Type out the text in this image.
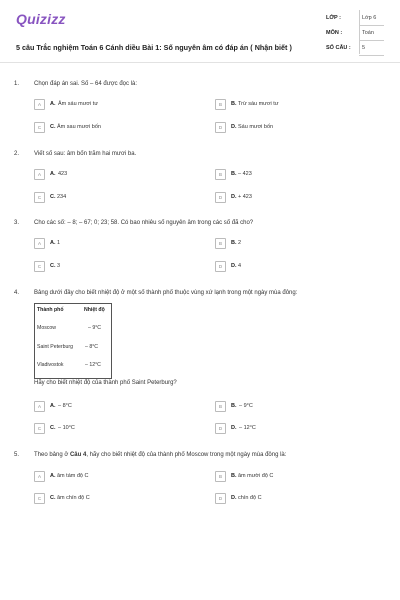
Quizizz
5 câu Trắc nghiệm Toán 6 Cánh diều Bài 1: Số nguyên âm có đáp án ( Nhận biết )
LỚP :	Lớp 6
MÔN :	Toán
SỐ CÂU : 5
1. Chọn đáp án sai. Số – 64 được đọc là:
A	A. Âm sáu mươi tư	B	B. Trừ sáu mươi tư
C	C. Âm sau mươi bốn	D	D. Sáu mươi bốn
2. Viết số sau: âm bốn trăm hai mươi ba.
A	A. 423	B	B. – 423
C	C. 234	D	D. + 423
3. Cho các số: – 8; – 67; 0; 23; 58. Có bao nhiêu số nguyên âm trong các số đã cho?
A	A. 1	B	B. 2
C	C. 3	D	D. 4
4. Bảng dưới đây cho biết nhiệt độ ở một số thành phố thuộc vùng xứ lạnh trong một ngày mùa đông:
Thành phố	Nhiệt độ
Moscow	– 9°C
Saint Peterburg – 8°C
Vladivostok	– 12°C
Hãy cho biết nhiệt độ của thành phố Saint Peterburg?
A	A. – 8°C	B	B. – 9°C
C	C. – 10°C	D	D. – 12°C
5. Theo bảng ở Câu 4, hãy cho biết nhiệt độ của thành phố Moscow trong một ngày mùa đông là:
A	A. âm tám độ C	B	B. âm mười độ C
C	C. âm chín độ C	D	D. chín độ C
